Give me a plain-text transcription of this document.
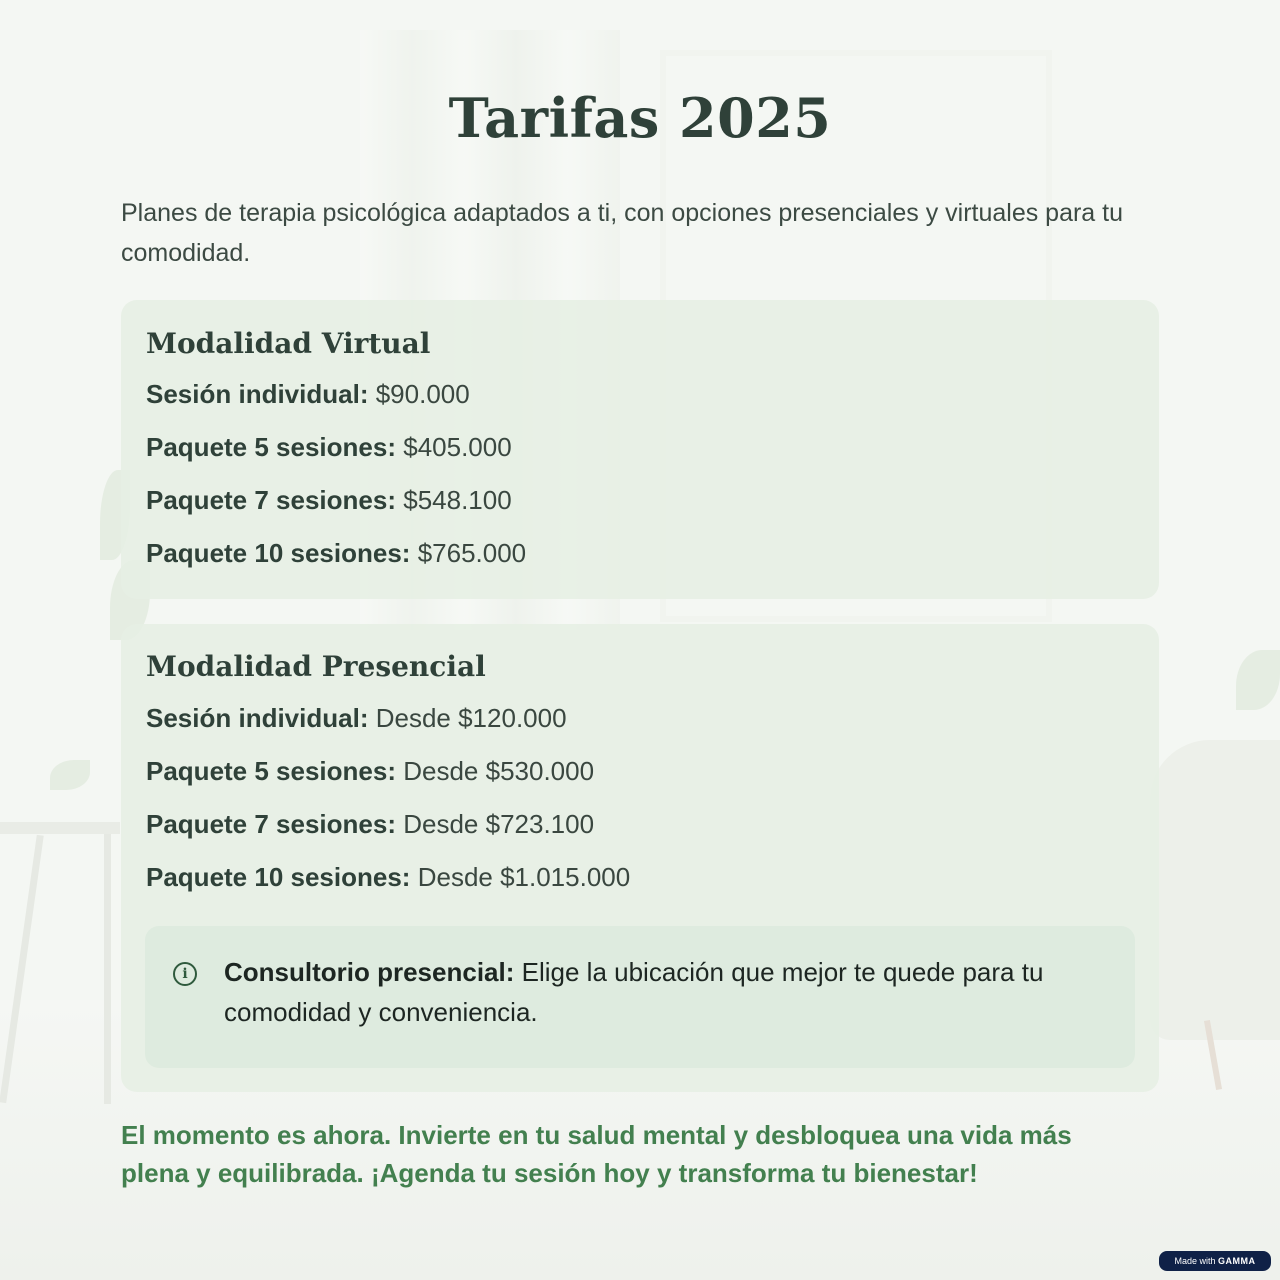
Tarifas 2025

Planes de terapia psicológica adaptados a ti, con opciones presenciales y virtuales para tu comodidad.

Modalidad Virtual
Sesión individual: $90.000
Paquete 5 sesiones: $405.000
Paquete 7 sesiones: $548.100
Paquete 10 sesiones: $765.000
Modalidad Presencial
Sesión individual: Desde $120.000
Paquete 5 sesiones: Desde $530.000
Paquete 7 sesiones: Desde $723.100
Paquete 10 sesiones: Desde $1.015.000
i	Consultorio presencial: Elige la ubicación que mejor te quede para tu comodidad y conveniencia.

El momento es ahora. Invierte en tu salud mental y desbloquea una vida más plena y equilibrada. ¡Agenda tu sesión hoy y transforma tu bienestar!

Made with GAMMA
